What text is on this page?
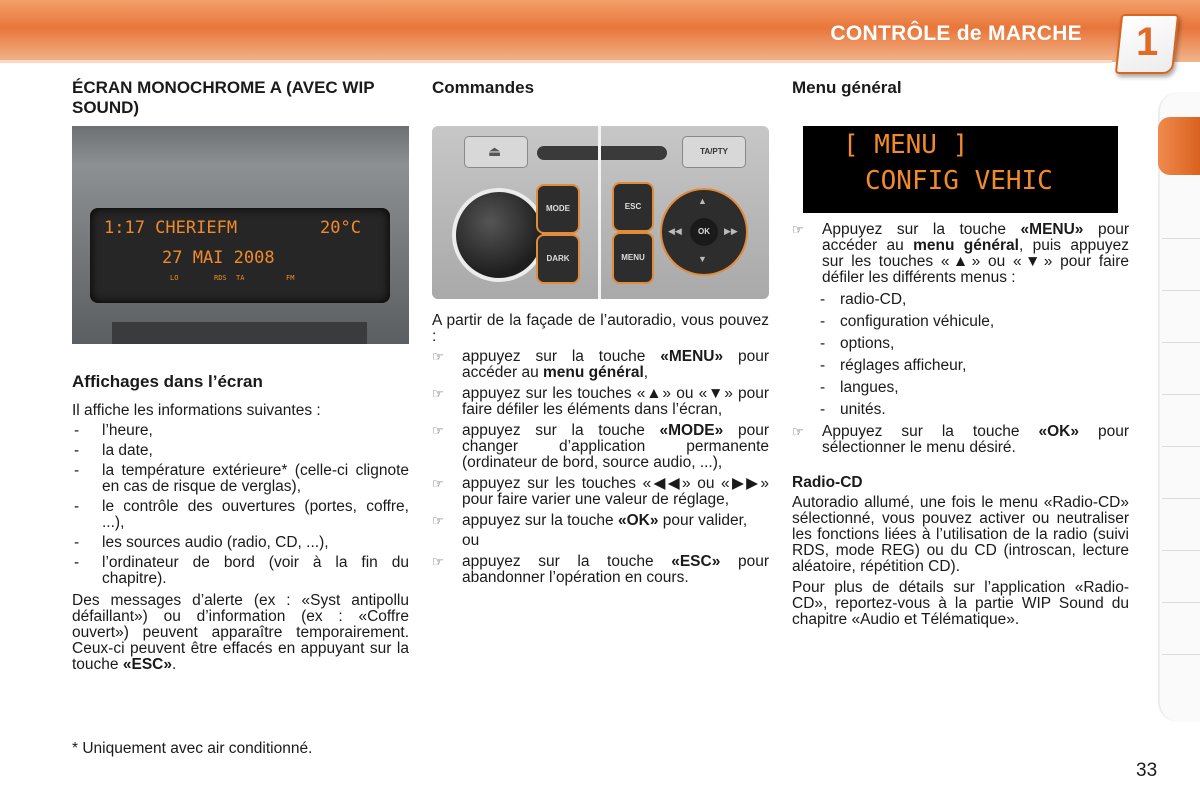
CONTRÔLE de MARCHE	1
ÉCRAN MONOCHROME A (AVEC WIP SOUND)
1:17 CHERIEFM	20°C
27 MAI 2008
LO	RDS TA	FM
Affichages dans l’écran

Il affiche les informations suivantes :

- l’heure,
- la date,
- la température extérieure* (celle-ci clignote en cas de risque de verglas),
- le contrôle des ouvertures (portes, coffre, ...),
- les sources audio (radio, CD, ...),
- l’ordinateur de bord (voir à la fin du chapitre).

Des messages d’alerte (ex : «Syst antipollu défaillant») ou d’information (ex : «Coffre ouvert») peuvent apparaître temporairement. Ceux-ci peuvent être effacés en appuyant sur la touche «ESC».

* Uniquement avec air conditionné.
Commandes
⏏	TA/PTY
MODE
DARK
ESC
MENU
OK
▲
▼
◀◀	▶▶

A partir de la façade de l’autoradio, vous pouvez :

☞ appuyez sur la touche «MENU» pour accéder au menu général,
☞ appuyez sur les touches «▲» ou «▼» pour faire défiler les éléments dans l’écran,
☞ appuyez sur la touche «MODE» pour changer d’application permanente (ordinateur de bord, source audio, ...),
☞ appuyez sur les touches «◀◀» ou «▶▶» pour faire varier une valeur de réglage,
☞ appuyez sur la touche «OK» pour valider,
ou
☞ appuyez sur la touche «ESC» pour abandonner l’opération en cours.
Menu général
[ MENU ]
CONFIG VEHIC
☞ Appuyez sur la touche «MENU» pour accéder au menu général, puis appuyez sur les touches «▲» ou «▼» pour faire défiler les différents menus :
- radio-CD,
- configuration véhicule,
- options,
- réglages afficheur,
- langues,
- unités.
☞ Appuyez sur la touche «OK» pour sélectionner le menu désiré.
Radio-CD

Autoradio allumé, une fois le menu «Radio-CD» sélectionné, vous pouvez activer ou neutraliser les fonctions liées à l’utilisation de la radio (suivi RDS, mode REG) ou du CD (introscan, lecture aléatoire, répétition CD).

Pour plus de détails sur l’application «Radio-CD», reportez-vous à la partie WIP Sound du chapitre «Audio et Télématique».

33
